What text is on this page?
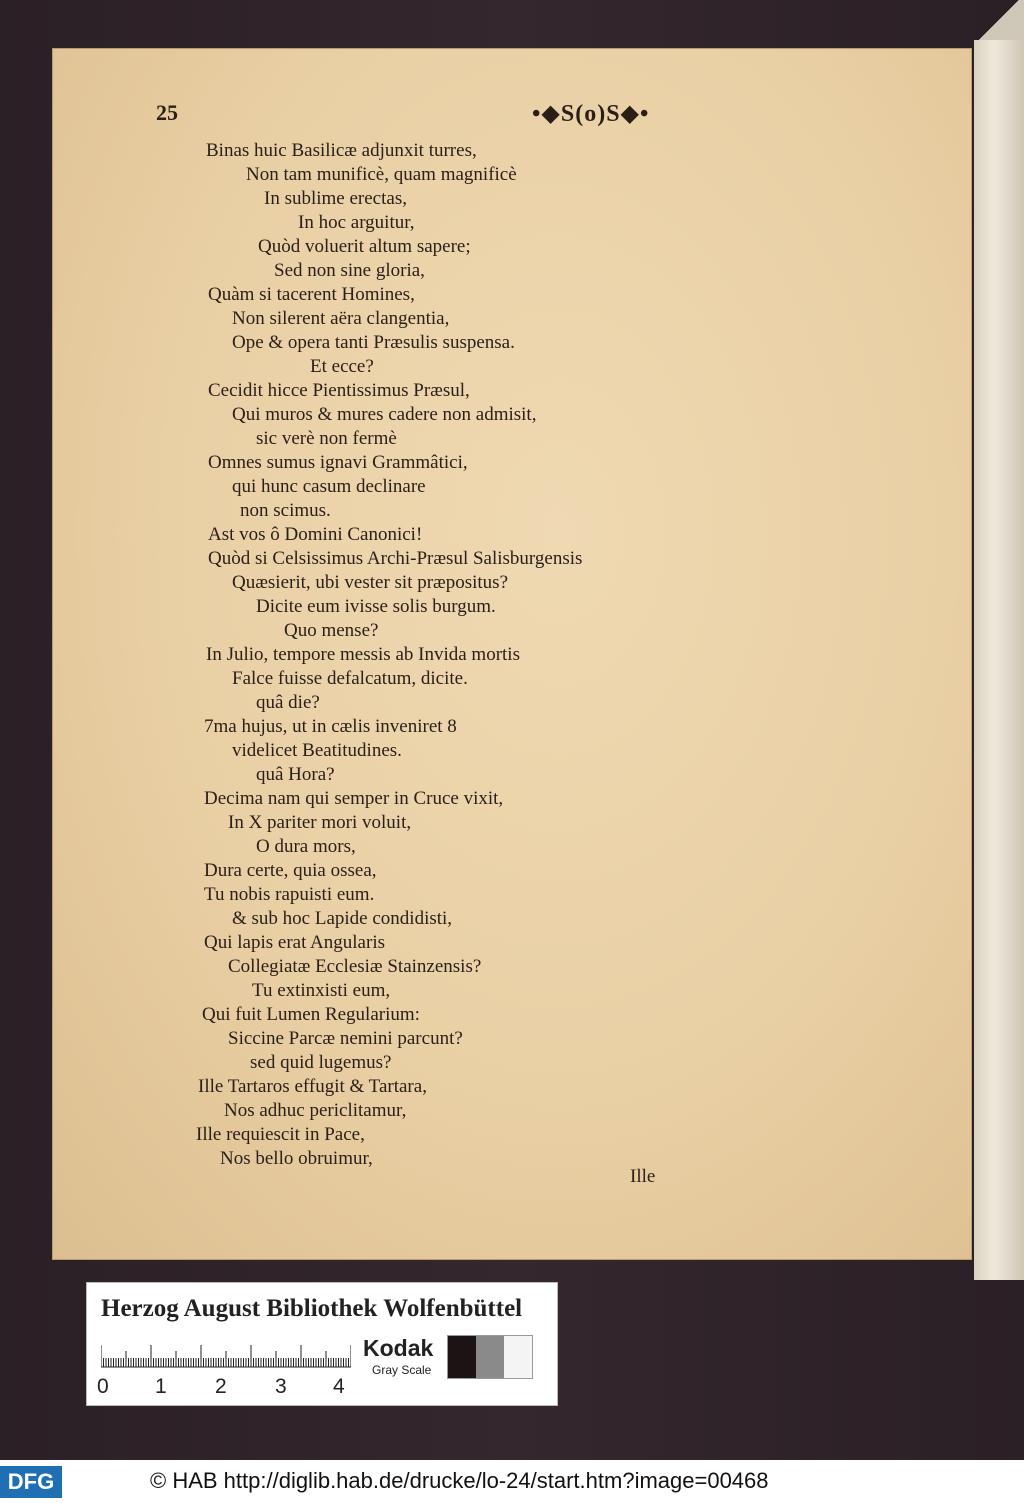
25	•◆S(o)S◆•
Binas huic Basilicæ adjunxit turres,
Non tam munificè, quam magnificè
In sublime erectas,
In hoc arguitur,
Quòd voluerit altum sapere;
Sed non sine gloria,
Quàm si tacerent Homines,
Non silerent aëra clangentia,
Ope & opera tanti Præsulis suspensa.
Et ecce?
Cecidit hicce Pientissimus Præsul,
Qui muros & mures cadere non admisit,
sic verè non fermè
Omnes sumus ignavi Grammâtici,
qui hunc casum declinare
non scimus.
Ast vos ô Domini Canonici!
Quòd si Celsissimus Archi-Præsul Salisburgensis
Quæsierit, ubi vester sit præpositus?
Dicite eum ivisse solis burgum.
Quo mense?
In Julio, tempore messis ab Invida mortis
Falce fuisse defalcatum, dicite.
quâ die?
7ma hujus, ut in cælis inveniret 8
videlicet Beatitudines.
quâ Hora?
Decima nam qui semper in Cruce vixit,
In X pariter mori voluit,
O dura mors,
Dura certe, quia ossea,
Tu nobis rapuisti eum.
& sub hoc Lapide condidisti,
Qui lapis erat Angularis
Collegiatæ Ecclesiæ Stainzensis?
Tu extinxisti eum,
Qui fuit Lumen Regularium:
Siccine Parcæ nemini parcunt?
sed quid lugemus?
Ille Tartaros effugit & Tartara,
Nos adhuc periclitamur,
Ille requiescit in Pace,
Nos bello obruimur,
Ille
Herzog August Bibliothek Wolfenbüttel
0 1 2 3 4
Kodak
Gray Scale
DFG	© HAB http://diglib.hab.de/drucke/lo-24/start.htm?image=00468
